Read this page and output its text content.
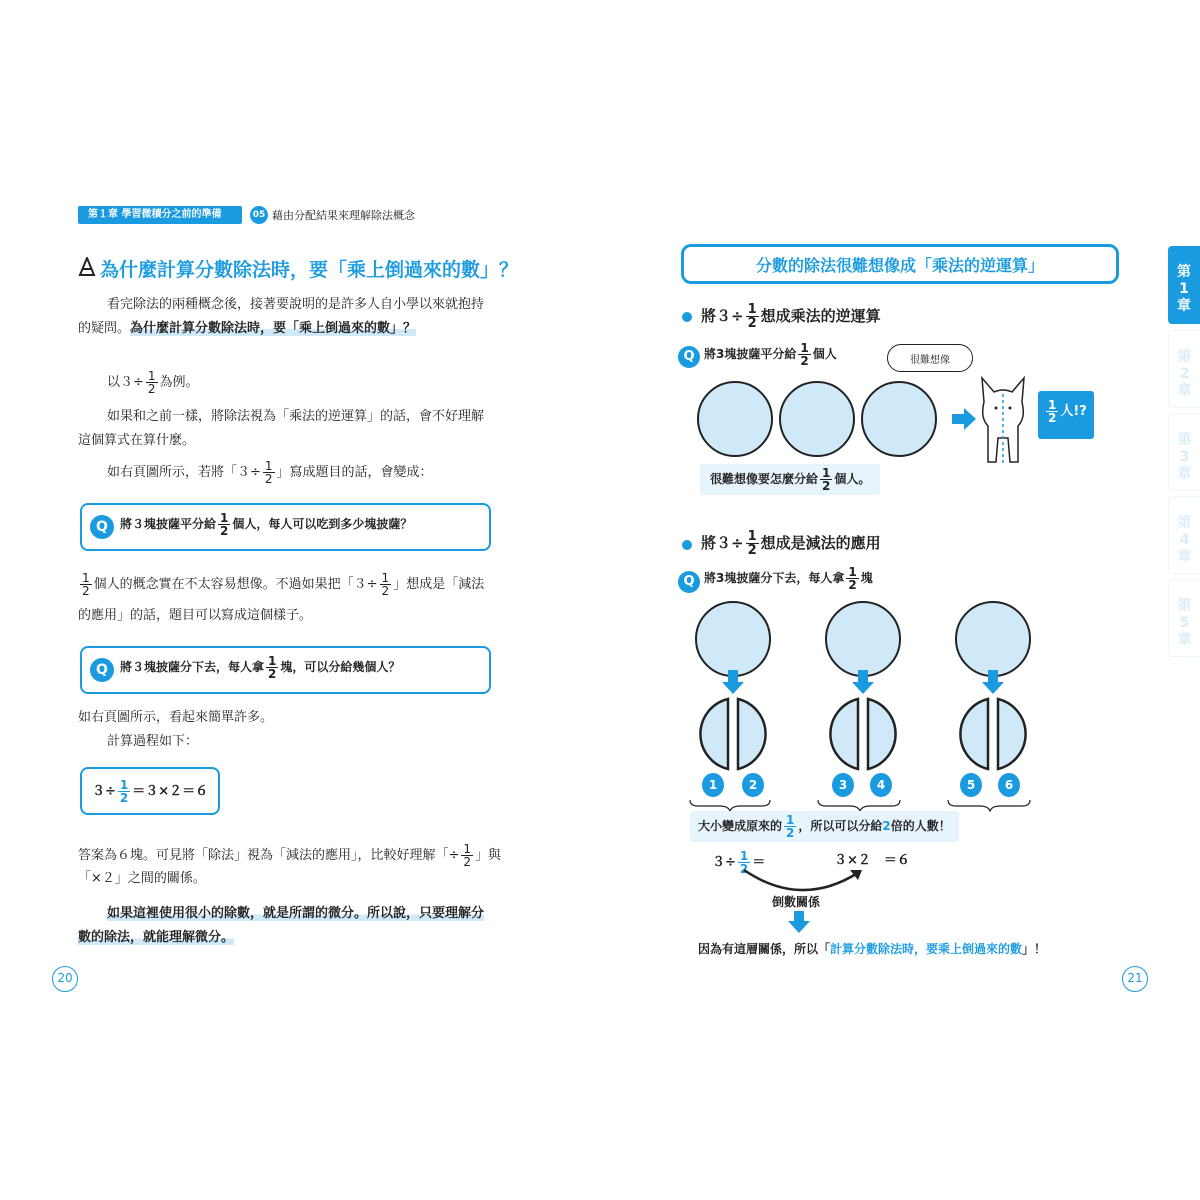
第１章 學習微積分之前的準備	05 藉由分配結果來理解除法概念
為什麼計算分數除法時，要「乘上倒過來的數」？
看完除法的兩種概念後，接著要說明的是許多人自小學以來就抱持
的疑問。為什麼計算分數除法時，要「乘上倒過來的數」？
以$3\div \frac{1}{2}$ 為例。
如果和之前一樣，將除法視為「乘法的逆運算」的話，會不好理解
這個算式在算什麼。
如右頁圖所示，若將「$3\div \frac{1}{2}$ 」寫成題目的話，會變成：
Q	將３塊披薩平分給 $\frac{1}{2}$ 個人，每人可以吃到多少塊披薩？
$\frac{1}{2}$ 個人的概念實在不太容易想像。不過如果把「$3\div \frac{1}{2}$ 」想成是「減法
的應用」的話，題目可以寫成這個樣子。
Q	將３塊披薩分下去，每人拿 $\frac{1}{2}$ 塊，可以分給幾個人？
如右頁圖所示，看起來簡單許多。
計算過程如下：
$3\div \frac{1}{2} =3\times 2=6$
答案為６塊。可見將「除法」視為「減法的應用」，比較好理解「÷ $\frac{1}{2}$ 」與
「×２」之間的關係。
如果這裡使用很小的除數，就是所謂的微分。所以說，只要理解分
數的除法，就能理解微分。
20
分數的除法很難想像成「乘法的逆運算」
將$3\div \frac{1}{2}$ 想成乘法的逆運算
Q 將3塊披薩平分給 $\frac{1}{2}$ 個人	很難想像
$\frac{1}{2}$ 人!?
很難想像要怎麼分給 $\frac{1}{2}$ 個人。
將$3\div \frac{1}{2}$ 想成是減法的應用
Q 將3塊披薩分下去，每人拿 $\frac{1}{2}$ 塊
1	2	3	4	5	6
大小變成原來的 $\frac{1}{2}$ ，所以可以分給2倍的人數！
$3\div \frac{1}{2}$ ＝	３×２　＝６
倒數關係
因為有這層關係，所以「計算分數除法時，要乘上倒過來的數」！
21
第
1
章
第
2
章
第
3
章
第
4
章
第
5
章
